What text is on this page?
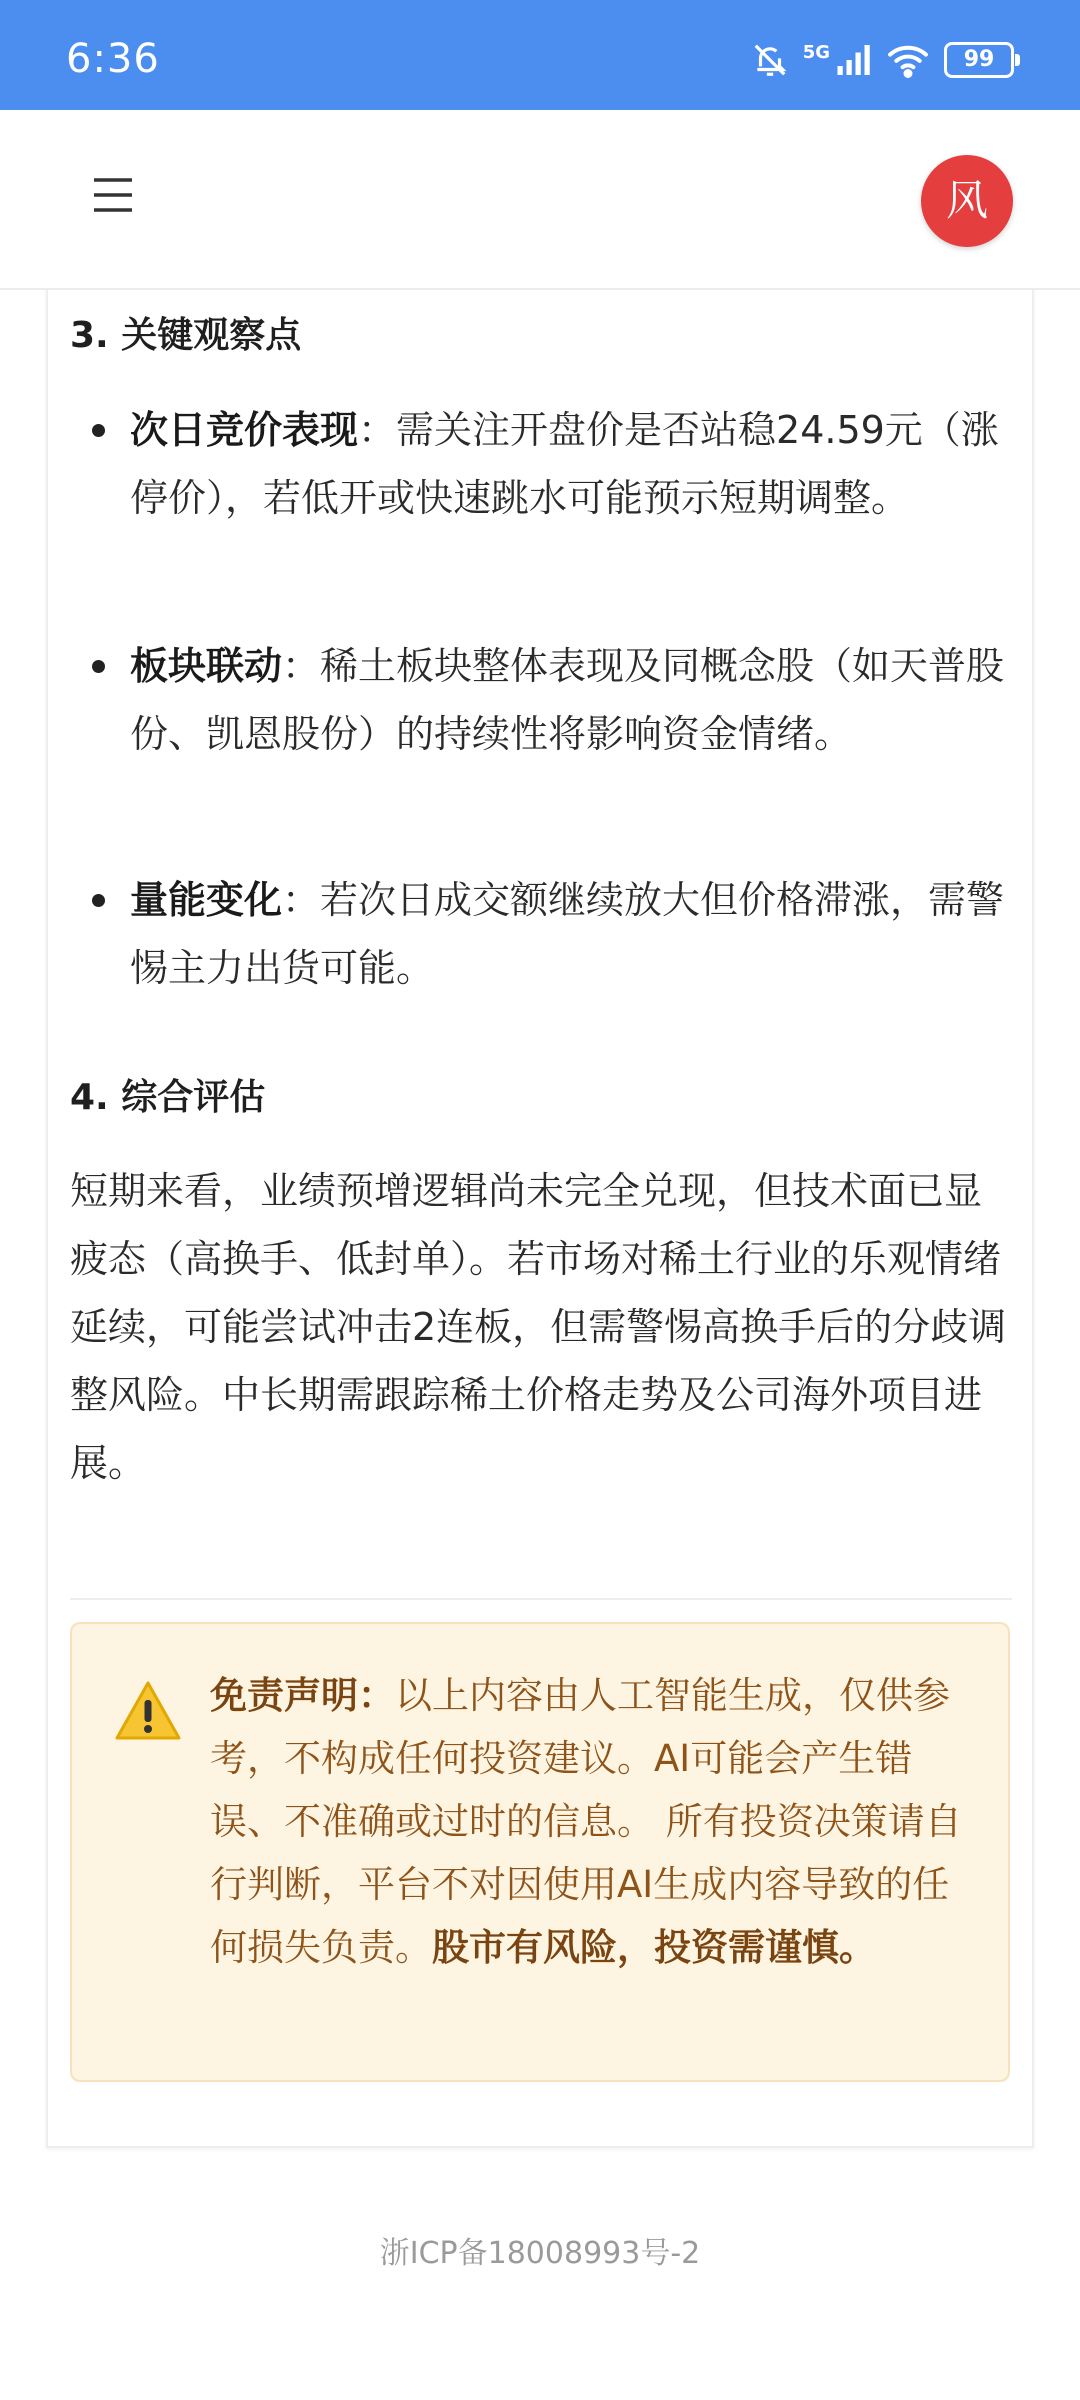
6:36	5G	99
风
3. 关键观察点
次日竞价表现：需关注开盘价是否站稳24.59元（涨停价），若低开或快速跳水可能预示短期调整。
板块联动：稀土板块整体表现及同概念股（如天普股份、凯恩股份）的持续性将影响资金情绪。
量能变化：若次日成交额继续放大但价格滞涨，需警惕主力出货可能。
4. 综合评估
短期来看，业绩预增逻辑尚未完全兑现，但技术面已显疲态（高换手、低封单）。若市场对稀土行业的乐观情绪延续，可能尝试冲击2连板，但需警惕高换手后的分歧调整风险。中长期需跟踪稀土价格走势及公司海外项目进展。
免责声明：以上内容由人工智能生成，仅供参考，不构成任何投资建议。AI可能会产生错误、不准确或过时的信息。 所有投资决策请自行判断，平台不对因使用AI生成内容导致的任何损失负责。股市有风险，投资需谨慎。
浙ICP备18008993号-2
